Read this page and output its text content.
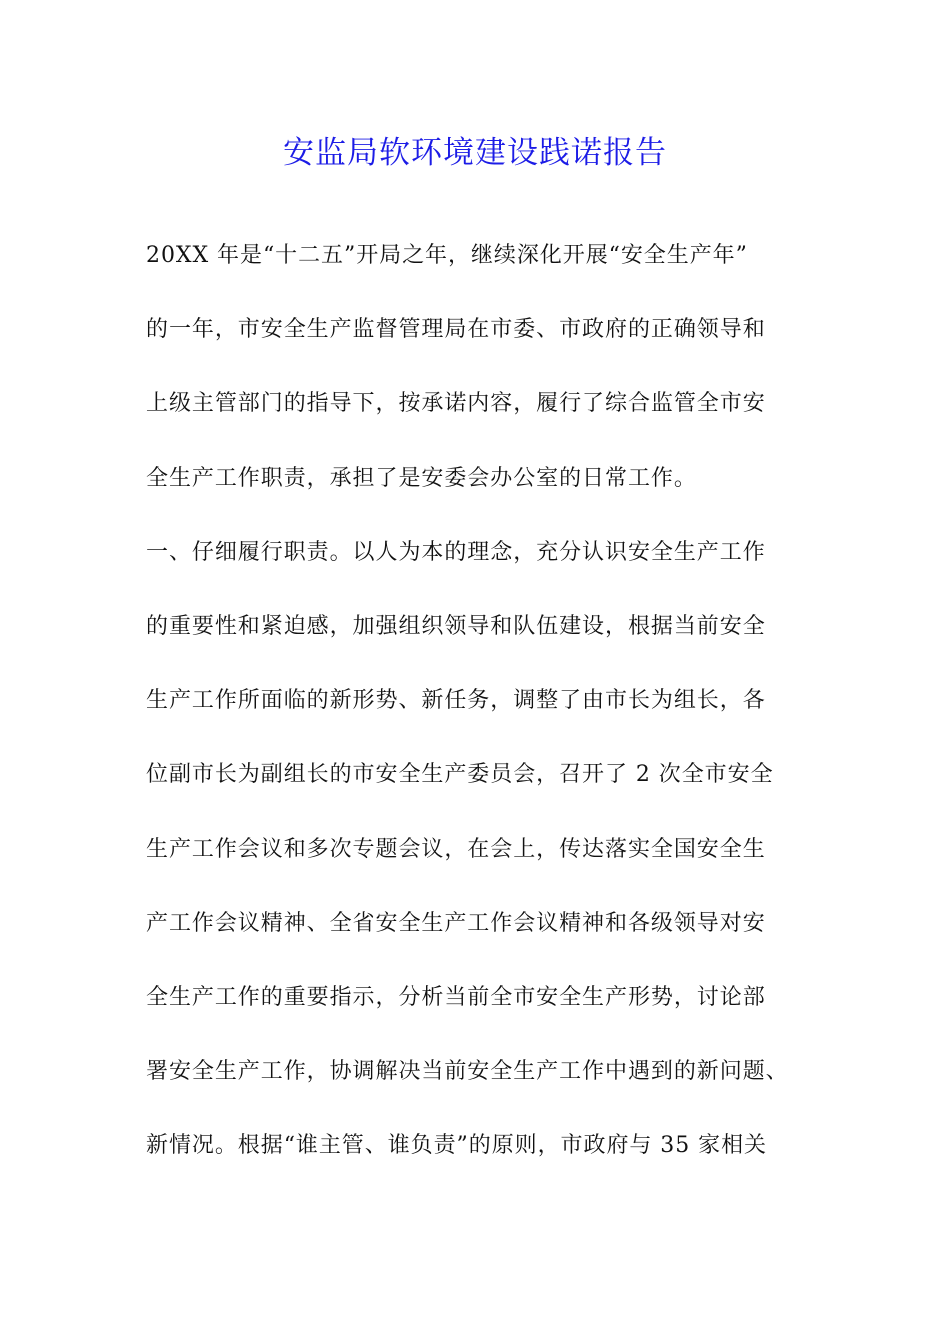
安监局软环境建设践诺报告
20XX 年是“十二五”开局之年，继续深化开展“安全生产年”
的一年，市安全生产监督管理局在市委、市政府的正确领导和
上级主管部门的指导下，按承诺内容，履行了综合监管全市安
全生产工作职责，承担了是安委会办公室的日常工作。
一、仔细履行职责。以人为本的理念，充分认识安全生产工作
的重要性和紧迫感，加强组织领导和队伍建设，根据当前安全
生产工作所面临的新形势、新任务，调整了由市长为组长，各
位副市长为副组长的市安全生产委员会，召开了 2 次全市安全
生产工作会议和多次专题会议，在会上，传达落实全国安全生
产工作会议精神、全省安全生产工作会议精神和各级领导对安
全生产工作的重要指示，分析当前全市安全生产形势，讨论部
署安全生产工作，协调解决当前安全生产工作中遇到的新问题、
新情况。根据“谁主管、谁负责”的原则，市政府与 35 家相关
